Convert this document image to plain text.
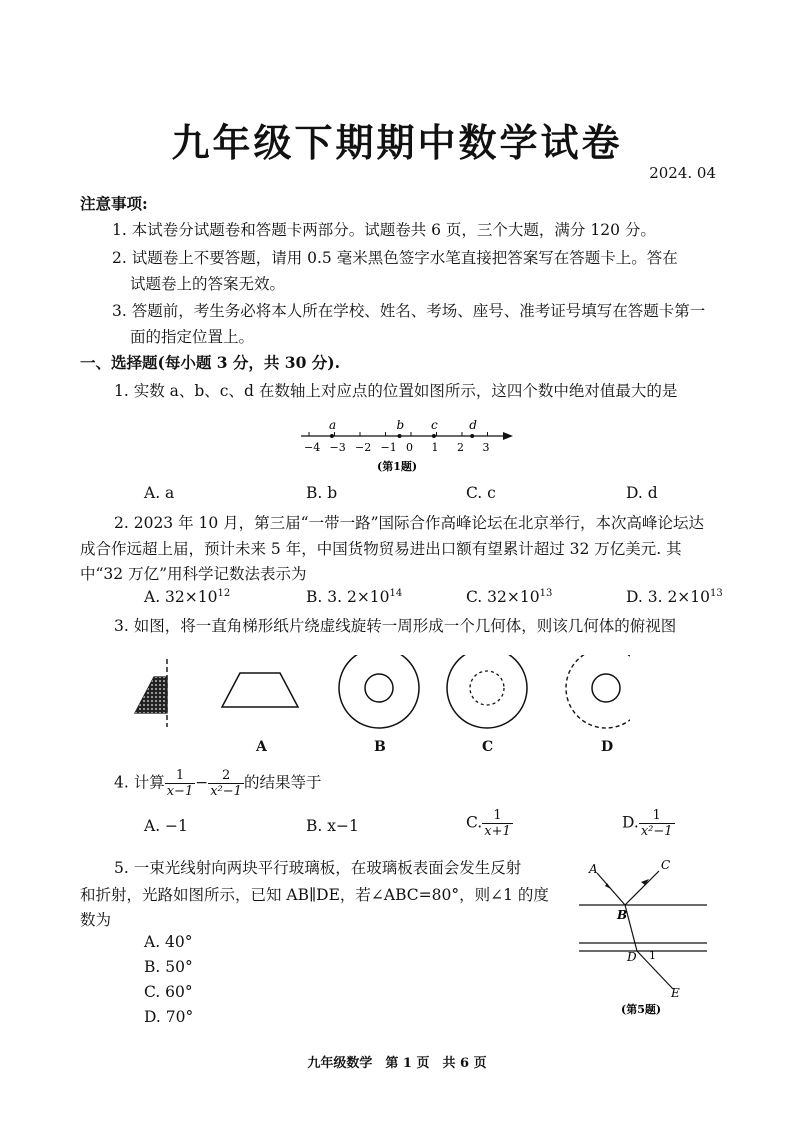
九年级下期期中数学试卷
2024. 04
注意事项:
1. 本试卷分试题卷和答题卡两部分。试题卷共 6 页，三个大题，满分 120 分。
2. 试题卷上不要答题，请用 0.5 毫米黑色签字水笔直接把答案写在答题卡上。答在
试题卷上的答案无效。
3. 答题前，考生务必将本人所在学校、姓名、考场、座号、准考证号填写在答题卡第一
面的指定位置上。
一、选择题(每小题 3 分，共 30 分).
1. 实数 a、b、c、d 在数轴上对应点的位置如图所示，这四个数中绝对值最大的是
−4 −3 −2 −1 0 1 2 3
a	b c	d
(第1题)
A. a	B. b	C. c	D. d
2. 2023 年 10 月，第三届“一带一路”国际合作高峰论坛在北京举行，本次高峰论坛达
成合作远超上届，预计未来 5 年，中国货物贸易进出口额有望累计超过 32 万亿美元. 其
中“32 万亿”用科学记数法表示为
A. $32\times 10^{12}$	B. 3. $2\times 10^{14}$	C. $32\times 10^{13}$	D. 3. $2\times 10^{13}$
3. 如图，将一直角梯形纸片绕虚线旋转一周形成一个几何体，则该几何体的俯视图
A	B	C	D
4. 计算 $\frac{1}{x-1} - \frac{2}{\text{x²−1}}$ 的结果等于
A. −1	B. x−1	C. $\frac{1}{x+1}$	D. $\frac{1}{\text{x²−1}}$
5. 一束光线射向两块平行玻璃板，在玻璃板表面会发生反射
和折射，光路如图所示，已知 AB∥DE，若∠ABC=80°，则∠1 的度
数为
A. 40°
B. 50°
C. 60°
D. 70°
A	C
B
D
E
1
(第5题)
九年级数学　第 1 页　共 6 页
